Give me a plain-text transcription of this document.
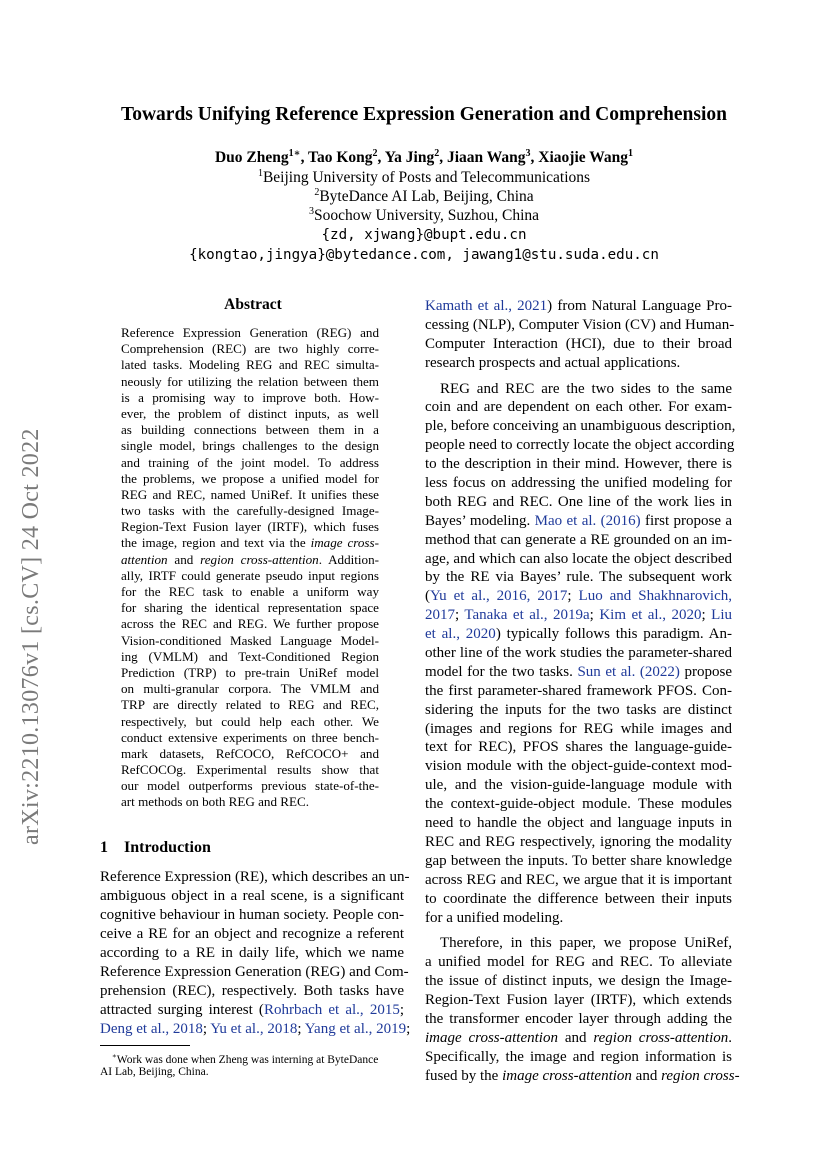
arXiv:2210.13076v1 [cs.CV] 24 Oct 2022
Towards Unifying Reference Expression Generation and Comprehension
Duo Zheng$^{1∗}$, Tao Kong$^2$, Ya Jing$^2$, Jiaan Wang$^3$, Xiaojie Wang$^1$
$^1$Beijing University of Posts and Telecommunications
$^2$ByteDance AI Lab, Beijing, China
$^3$Soochow University, Suzhou, China
{zd, xjwang}@bupt.edu.cn
{kongtao,jingya}@bytedance.com, jawang1@stu.suda.edu.cn
Abstract
Reference Expression Generation (REG) and
Comprehension (REC) are two highly corre-
lated tasks. Modeling REG and REC simulta-
neously for utilizing the relation between them
is a promising way to improve both. How-
ever, the problem of distinct inputs, as well
as building connections between them in a
single model, brings challenges to the design
and training of the joint model. To address
the problems, we propose a unified model for
REG and REC, named UniRef. It unifies these
two tasks with the carefully-designed Image-
Region-Text Fusion layer (IRTF), which fuses
the image, region and text via the image cross-
attention and region cross-attention. Addition-
ally, IRTF could generate pseudo input regions
for the REC task to enable a uniform way
for sharing the identical representation space
across the REC and REG. We further propose
Vision-conditioned Masked Language Model-
ing (VMLM) and Text-Conditioned Region
Prediction (TRP) to pre-train UniRef model
on multi-granular corpora. The VMLM and
TRP are directly related to REG and REC,
respectively, but could help each other. We
conduct extensive experiments on three bench-
mark datasets, RefCOCO, RefCOCO+ and
RefCOCOg. Experimental results show that
our model outperforms previous state-of-the-
art methods on both REG and REC.
1 Introduction
Reference Expression (RE), which describes an un-
ambiguous object in a real scene, is a significant
cognitive behaviour in human society. People con-
ceive a RE for an object and recognize a referent
according to a RE in daily life, which we name
Reference Expression Generation (REG) and Com-
prehension (REC), respectively. Both tasks have
attracted surging interest (Rohrbach et al., 2015;
Deng et al., 2018; Yu et al., 2018; Yang et al., 2019;
∗Work was done when Zheng was interning at ByteDance
AI Lab, Beijing, China.
Kamath et al., 2021) from Natural Language Pro-
cessing (NLP), Computer Vision (CV) and Human-
Computer Interaction (HCI), due to their broad
research prospects and actual applications.
REG and REC are the two sides to the same
coin and are dependent on each other. For exam-
ple, before conceiving an unambiguous description,
people need to correctly locate the object according
to the description in their mind. However, there is
less focus on addressing the unified modeling for
both REG and REC. One line of the work lies in
Bayes’ modeling. Mao et al. (2016) first propose a
method that can generate a RE grounded on an im-
age, and which can also locate the object described
by the RE via Bayes’ rule. The subsequent work
(Yu et al., 2016, 2017; Luo and Shakhnarovich,
2017; Tanaka et al., 2019a; Kim et al., 2020; Liu
et al., 2020) typically follows this paradigm. An-
other line of the work studies the parameter-shared
model for the two tasks. Sun et al. (2022) propose
the first parameter-shared framework PFOS. Con-
sidering the inputs for the two tasks are distinct
(images and regions for REG while images and
text for REC), PFOS shares the language-guide-
vision module with the object-guide-context mod-
ule, and the vision-guide-language module with
the context-guide-object module. These modules
need to handle the object and language inputs in
REC and REG respectively, ignoring the modality
gap between the inputs. To better share knowledge
across REG and REC, we argue that it is important
to coordinate the difference between their inputs
for a unified modeling.
Therefore, in this paper, we propose UniRef,
a unified model for REG and REC. To alleviate
the issue of distinct inputs, we design the Image-
Region-Text Fusion layer (IRTF), which extends
the transformer encoder layer through adding the
image cross-attention and region cross-attention.
Specifically, the image and region information is
fused by the image cross-attention and region cross-
